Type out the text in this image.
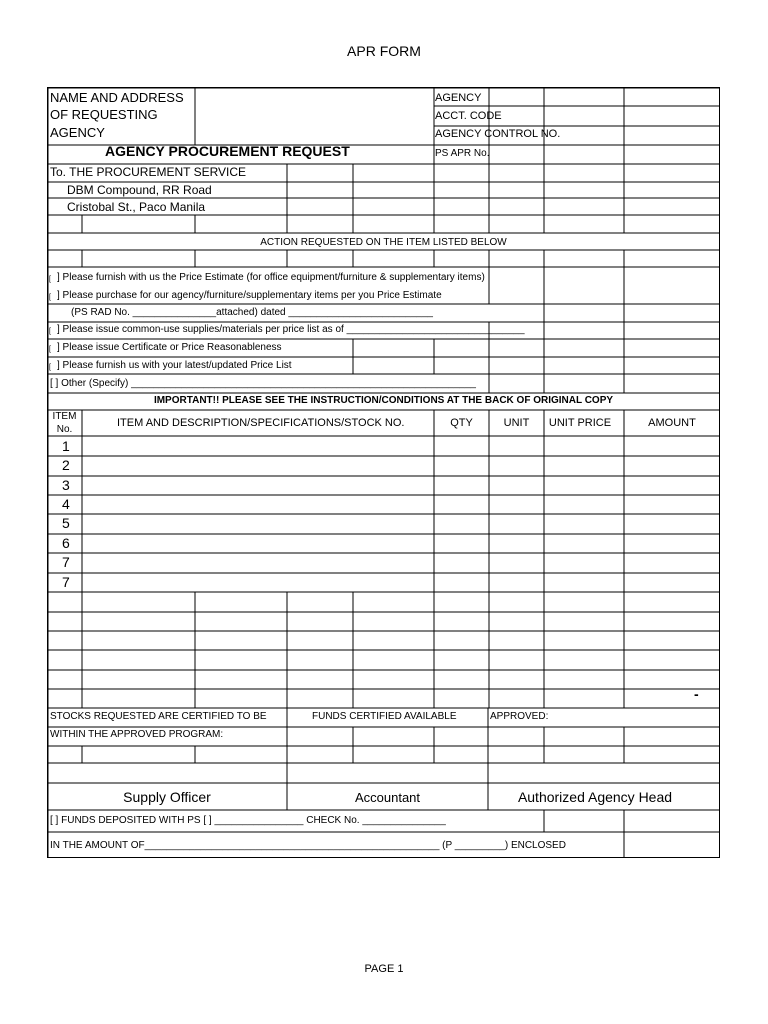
APR FORM
NAME AND ADDRESS
OF REQUESTING
AGENCY
AGENCY PROCUREMENT REQUEST
AGENCY
ACCT. CODE
AGENCY CONTROL NO.
PS APR No.
To. THE PROCUREMENT SERVICE
DBM Compound, RR Road
Cristobal St., Paco Manila
ACTION REQUESTED ON THE ITEM LISTED BELOW
[ ] Please furnish with us the Price Estimate (for office equipment/furniture & supplementary items)
[ ] Please purchase for our agency/furniture/supplementary items per you Price Estimate
(PS RAD No. _______________attached) dated __________________________
[ ] Please issue common-use supplies/materials per price list as of ________________________________
[ ] Please issue Certificate or Price Reasonableness
[ ] Please furnish us with your latest/updated Price List
[ ] Other (Specify) ______________________________________________________________
IMPORTANT!! PLEASE SEE THE INSTRUCTION/CONDITIONS AT THE BACK OF ORIGINAL COPY
ITEM
No.
ITEM AND DESCRIPTION/SPECIFICATIONS/STOCK NO.	QTY	UNIT	UNIT PRICE	AMOUNT
1
2
3
4
5
6
7
7
-
STOCKS REQUESTED ARE CERTIFIED TO BE
WITHIN THE APPROVED PROGRAM:
FUNDS CERTIFIED AVAILABLE	APPROVED:
Supply Officer	Accountant	Authorized Agency Head
[ ] FUNDS DEPOSITED WITH PS [ ] ________________ CHECK No. _______________
IN THE AMOUNT OF_____________________________________________________ (P _________) ENCLOSED
PAGE 1
